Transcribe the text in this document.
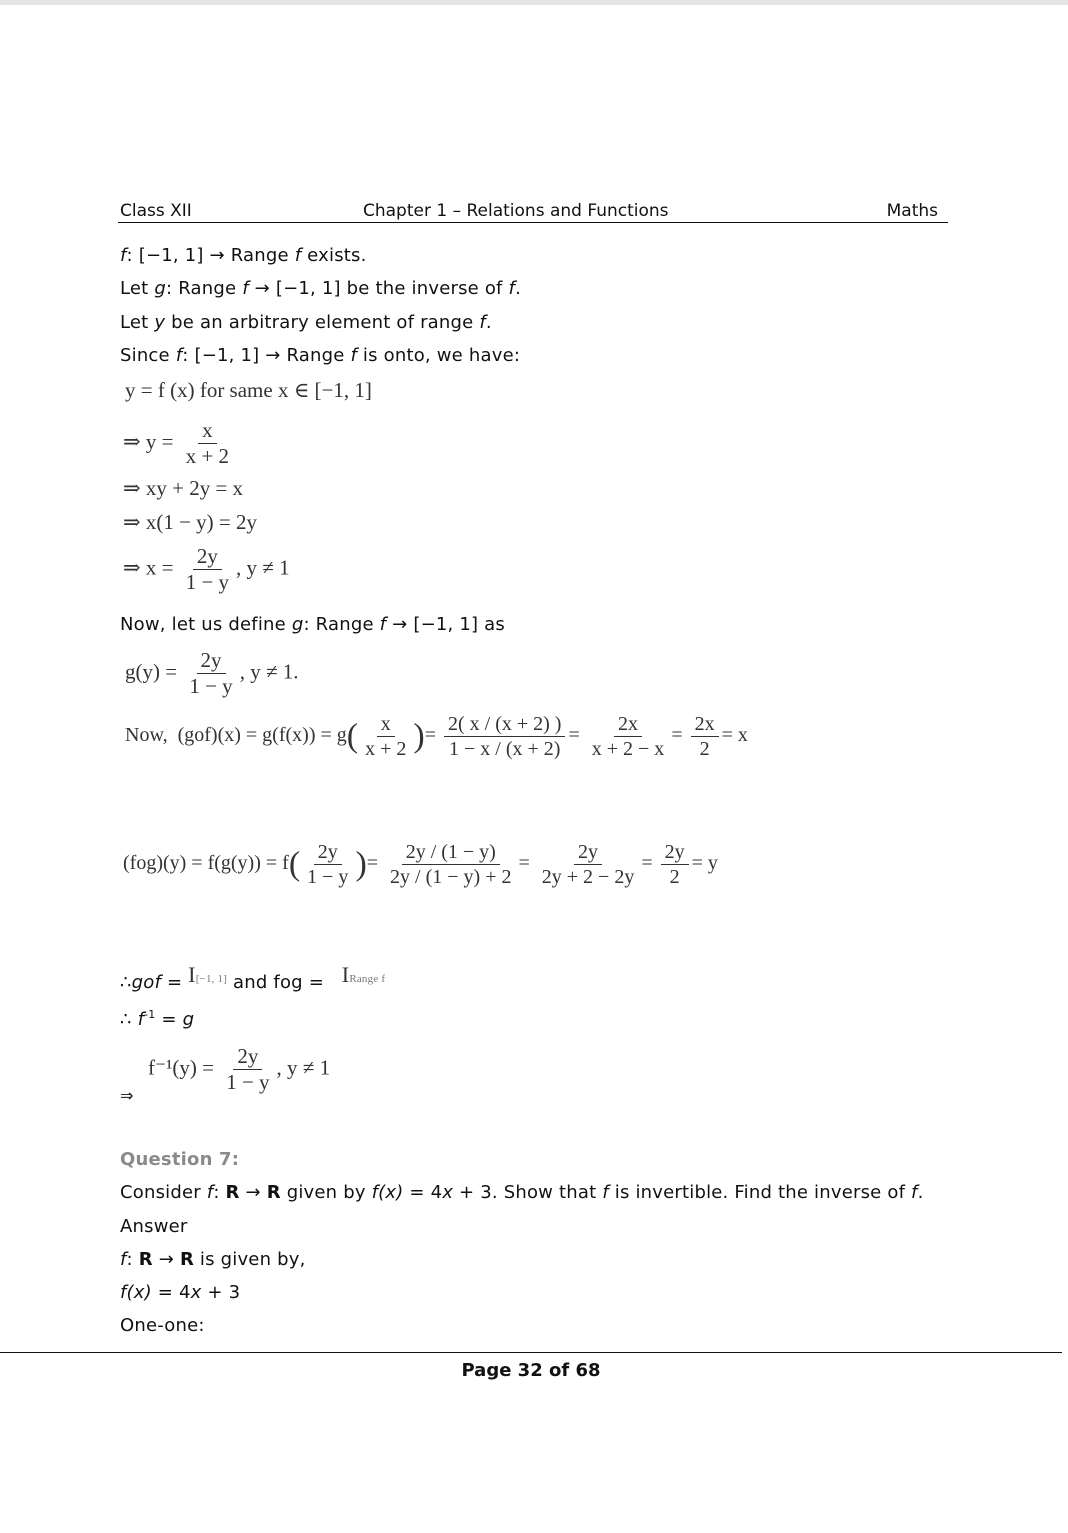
Class XII	Chapter 1 – Relations and Functions	Maths
f: [−1, 1] → Range f exists.
Let g: Range f → [−1, 1] be the inverse of f.
Let y be an arbitrary element of range f.
Since f: [−1, 1] → Range f is onto, we have:
y = f (x) for same x ∈ [−1, 1]
⇒ $y = \frac{x}{x + 2}$
⇒ xy + 2y = x
⇒ x(1 − y) = 2y
⇒ $x = \frac{2y}{1 - y}$ , y ≠ 1
Now, let us define g: Range f → [−1, 1] as
$g(y) = \frac{2y}{1 - y}$ , y ≠ 1.
Now, $(gof)(x) = g(f(x)) = g( \frac{x}{x + 2}$ )= $\frac{2( x / (x + 2) )}{1 - x / (x + 2)} = \frac{2x}{x + 2 - x} = \frac{2x}{2} = x$
$(fog)(y) = f(g(y)) = f( \frac{2y}{1 - y}$ )= $\frac{2y / (1 - y)}{2y / (1 - y) + 2} = \frac{2y}{2y + 2 - 2y} = \frac{2y}{2} = y$
∴gof = I[−1, 1] and fog =   $I^{Range f}$
∴ $f^{-1} = g$
⇒
$f^{-1}(y) = \frac{2y}{1 - y}$ , y ≠ 1
Question 7:
Consider f: R → R given by f(x) = 4x + 3. Show that f is invertible. Find the inverse of f.
Answer
f: R → R is given by,
f(x) = 4x + 3
One-one:
Page 32 of 68
